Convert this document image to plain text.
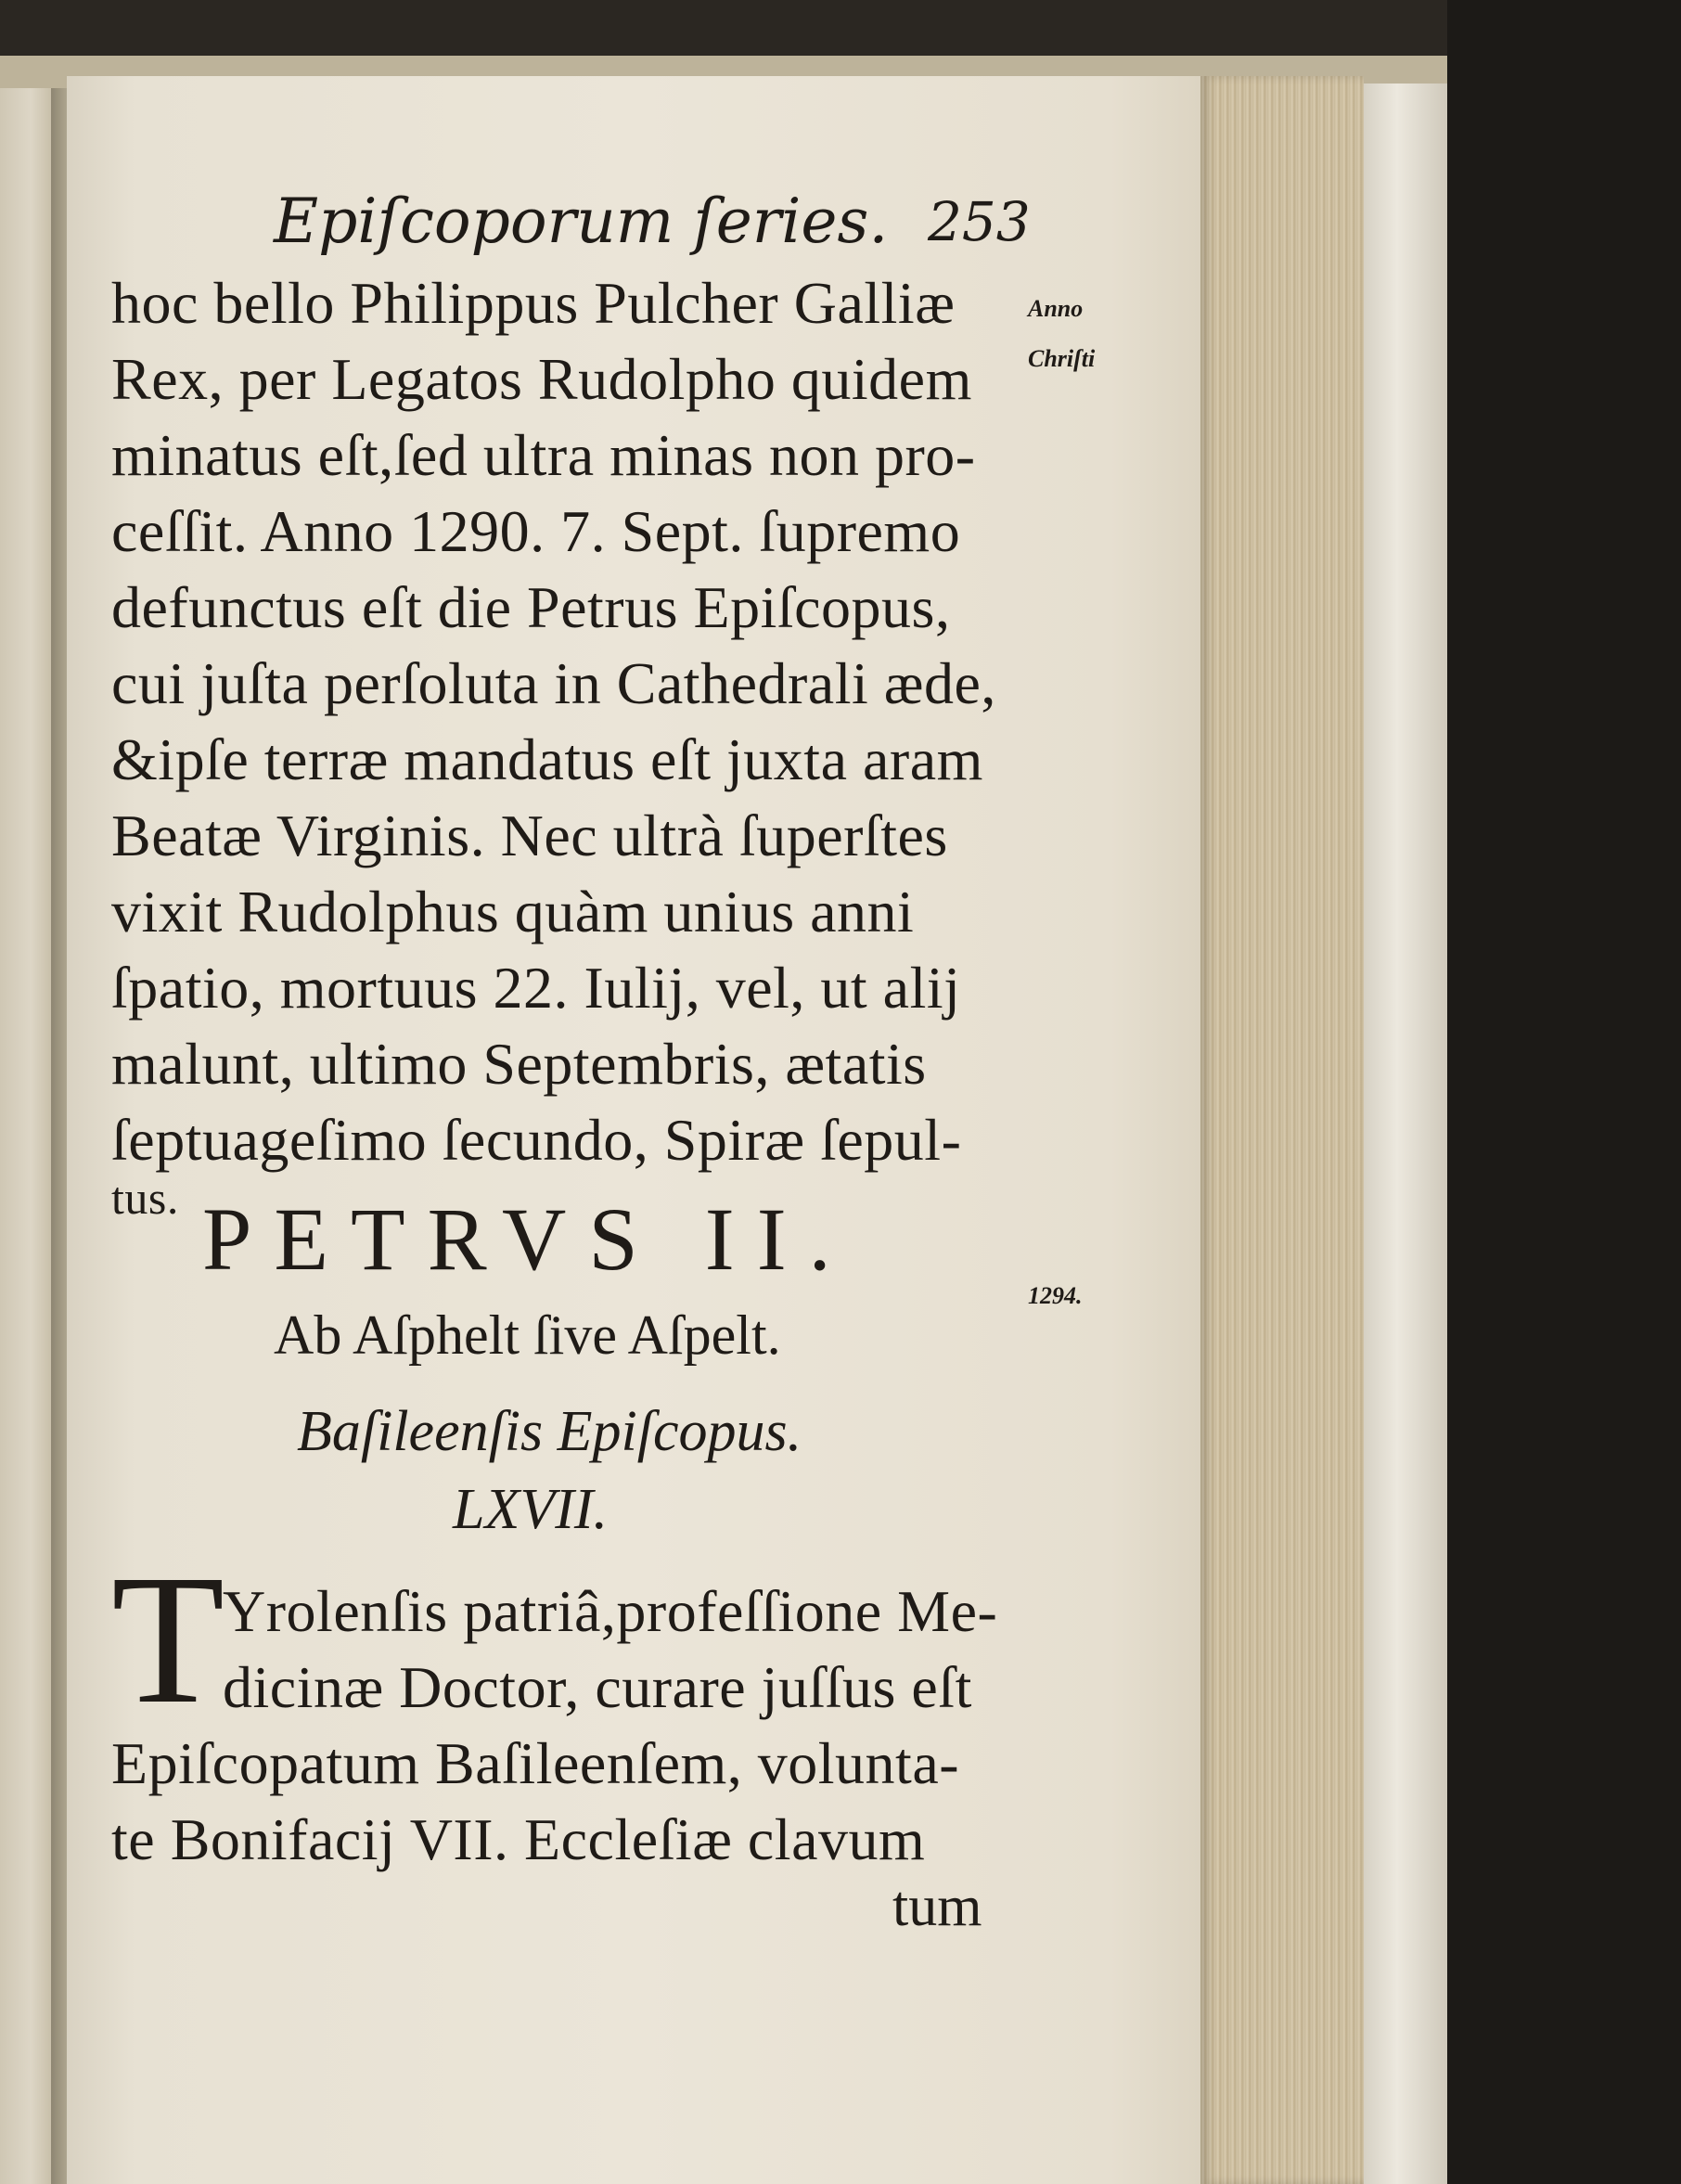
Epiſcoporum ſeries. 253
Anno
Chriſti
1294.
hoc bello Philippus Pulcher Galliæ
Rex, per Legatos Rudolpho quidem
minatus eſt,ſed ultra minas non pro-
ceſſit. Anno 1290. 7. Sept. ſupremo
defunctus eſt die Petrus Epiſcopus,
cui juſta perſoluta in Cathedrali æde,
&ipſe terræ mandatus eſt juxta aram
Beatæ Virginis. Nec ultrà ſuperſtes
vixit Rudolphus quàm unius anni
ſpatio, mortuus 22. Iulij, vel, ut alij
malunt, ultimo Septembris, ætatis
ſeptuageſimo ſecundo, Spiræ ſepul-
tus. PETRVS II.
Ab Aſphelt ſive Aſpelt.
Baſileenſis Epiſcopus.
LXVII.
T
Yrolenſis patriâ,profeſſione Me-
dicinæ Doctor, curare juſſus eſt
Epiſcopatum Baſileenſem, volunta-
te Bonifacij VII. Eccleſiæ clavum
tum
